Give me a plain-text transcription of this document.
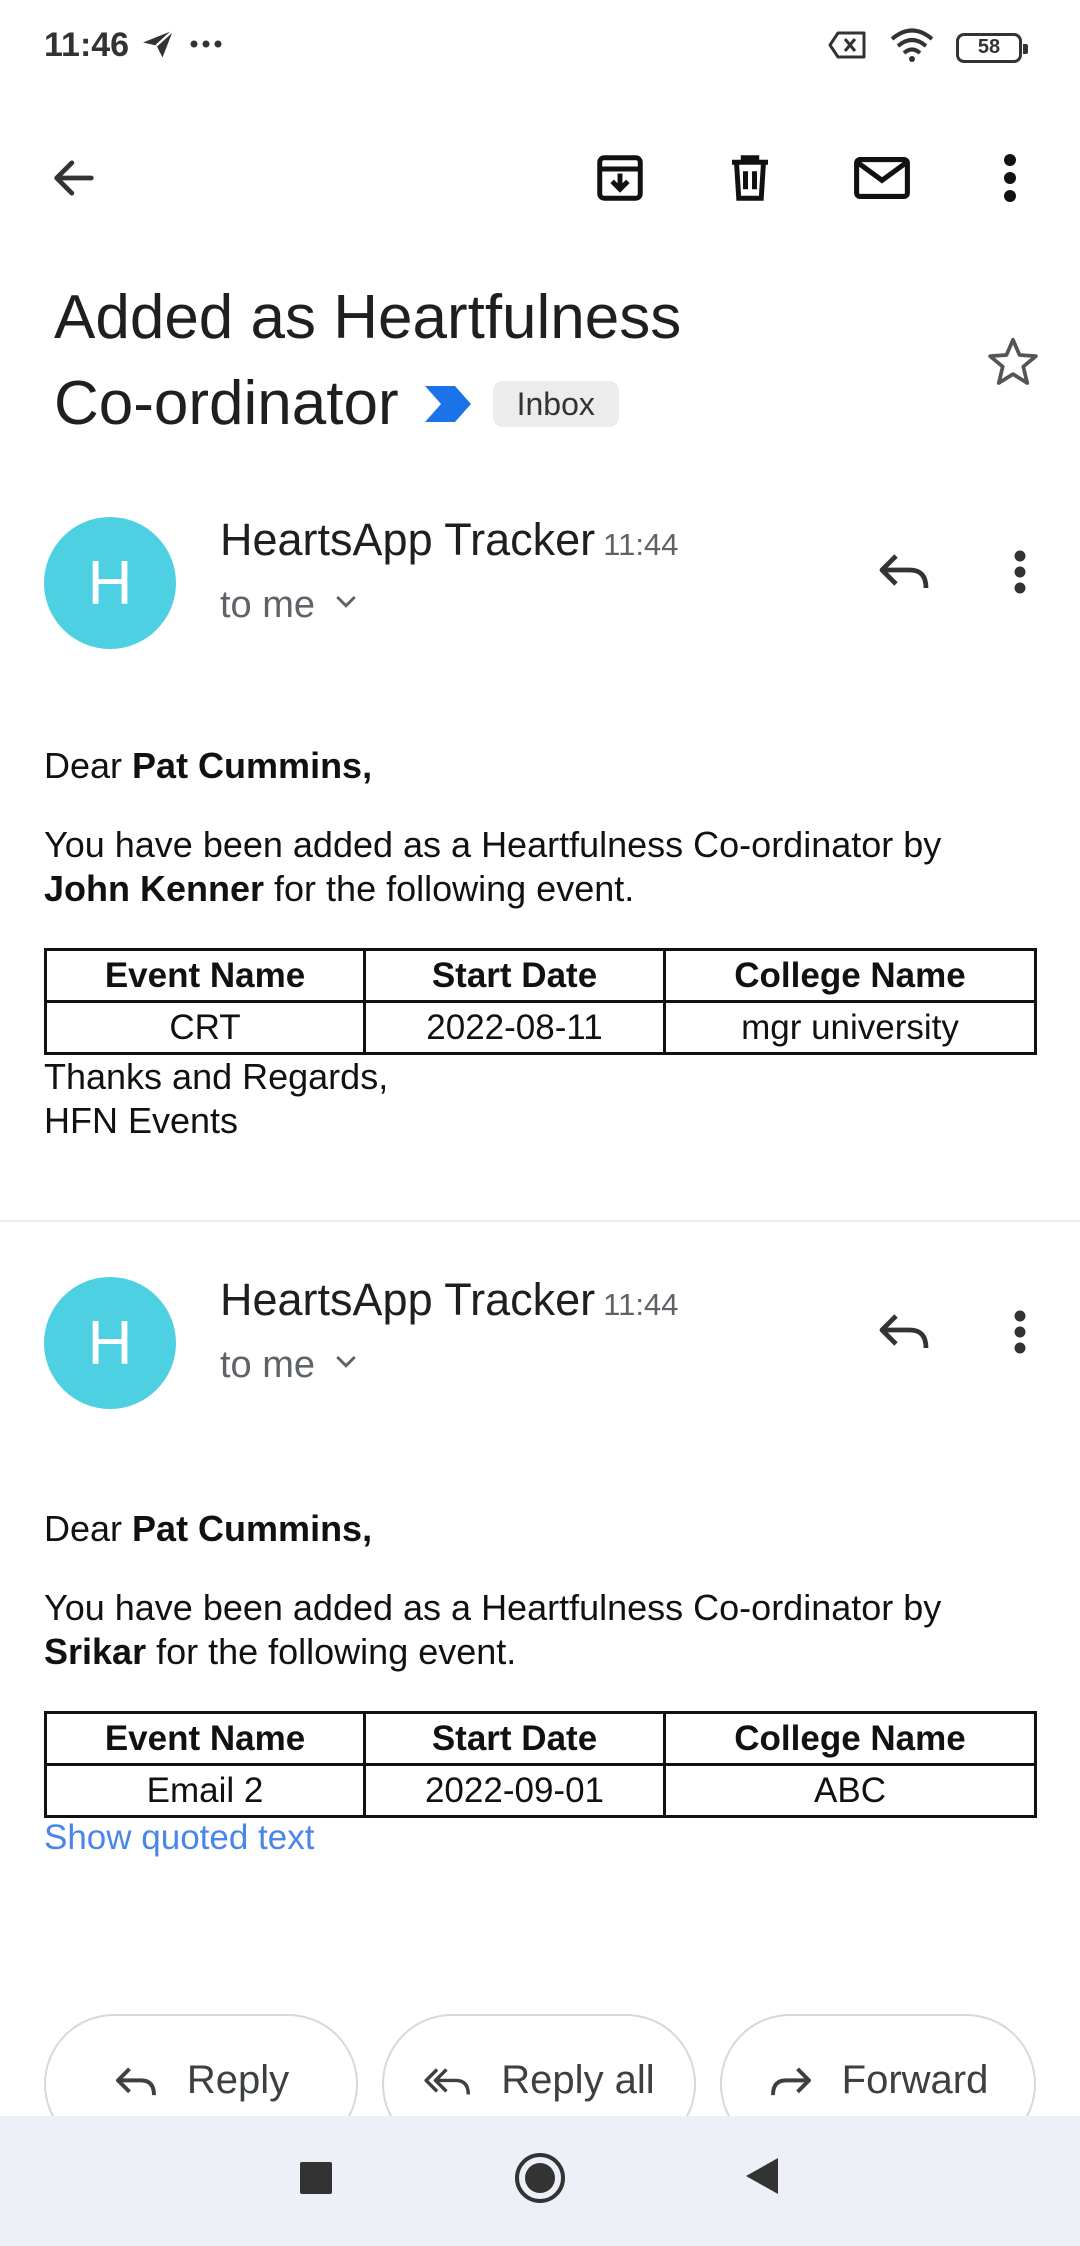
11:46	58
Added as Heartfulness
Co-ordinator	Inbox
H
HeartsApp Tracker 11:44
to me
Dear Pat Cummins,
You have been added as a Heartfulness Co-ordinator by
John Kenner for the following event.
Event Name	Start Date	College Name
CRT	2022-08-11	mgr university
Thanks and Regards,
HFN Events
H
HeartsApp Tracker 11:44
to me
Dear Pat Cummins,
You have been added as a Heartfulness Co-ordinator by
Srikar for the following event.
Event Name	Start Date	College Name
Email 2	2022-09-01	ABC
Show quoted text
Reply	Reply all	Forward
